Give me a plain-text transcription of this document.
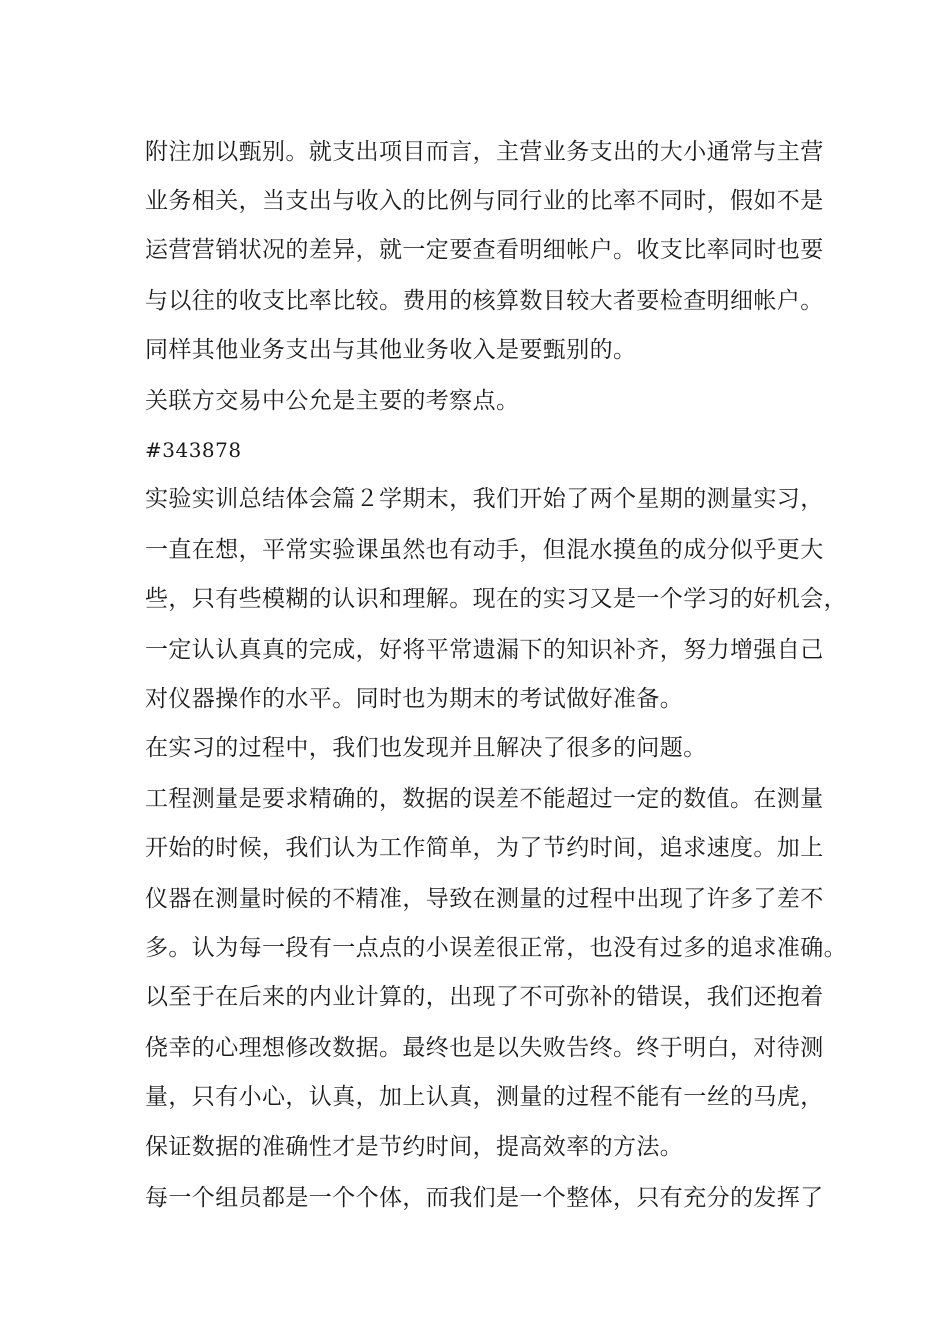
附注加以甄别。就支出项目而言，主营业务支出的大小通常与主营

业务相关，当支出与收入的比例与同行业的比率不同时，假如不是

运营营销状况的差异，就一定要查看明细帐户。收支比率同时也要

与以往的收支比率比较。费用的核算数目较大者要检查明细帐户。

同样其他业务支出与其他业务收入是要甄别的。

关联方交易中公允是主要的考察点。

#343878

实验实训总结体会篇２学期末，我们开始了两个星期的测量实习，

一直在想，平常实验课虽然也有动手，但混水摸鱼的成分似乎更大

些，只有些模糊的认识和理解。现在的实习又是一个学习的好机会，

一定认认真真的完成，好将平常遗漏下的知识补齐，努力增强自己

对仪器操作的水平。同时也为期末的考试做好准备。

在实习的过程中，我们也发现并且解决了很多的问题。

工程测量是要求精确的，数据的误差不能超过一定的数值。在测量

开始的时候，我们认为工作简单，为了节约时间，追求速度。加上

仪器在测量时候的不精准，导致在测量的过程中出现了许多了差不

多。认为每一段有一点点的小误差很正常，也没有过多的追求准确。

以至于在后来的内业计算的，出现了不可弥补的错误，我们还抱着

侥幸的心理想修改数据。最终也是以失败告终。终于明白，对待测

量，只有小心，认真，加上认真，测量的过程不能有一丝的马虎，

保证数据的准确性才是节约时间，提高效率的方法。

每一个组员都是一个个体，而我们是一个整体，只有充分的发挥了
